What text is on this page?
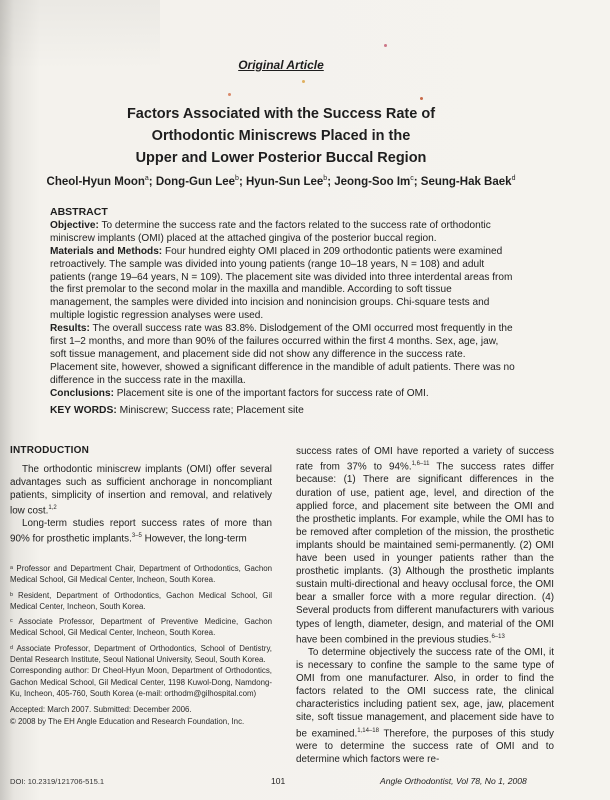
Original Article
Factors Associated with the Success Rate of
Orthodontic Miniscrews Placed in the
Upper and Lower Posterior Buccal Region
Cheol-Hyun Moon$^a$; Dong-Gun Lee$^b$; Hyun-Sun Lee$^b$; Jeong-Soo Im$^c$; Seung-Hak Baek$^d$
ABSTRACT

Objective: To determine the success rate and the factors related to the success rate of orthodontic miniscrew implants (OMI) placed at the attached gingiva of the posterior buccal region.

Materials and Methods: Four hundred eighty OMI placed in 209 orthodontic patients were examined retroactively. The sample was divided into young patients (range 10–18 years, N = 108) and adult patients (range 19–64 years, N = 109). The placement site was divided into three interdental areas from the first premolar to the second molar in the maxilla and mandible. According to soft tissue management, the samples were divided into incision and nonincision groups. Chi-square tests and multiple logistic regression analyses were used.

Results: The overall success rate was 83.8%. Dislodgement of the OMI occurred most frequently in the first 1–2 months, and more than 90% of the failures occurred within the first 4 months. Sex, age, jaw, soft tissue management, and placement side did not show any difference in the success rate. Placement site, however, showed a significant difference in the mandible of adult patients. There was no difference in the success rate in the maxilla.

Conclusions: Placement site is one of the important factors for success rate of OMI.

KEY WORDS: Miniscrew; Success rate; Placement site
INTRODUCTION

The orthodontic miniscrew implants (OMI) offer several advantages such as sufficient anchorage in noncompliant patients, simplicity of insertion and removal, and relatively low cost.$^{1,2}$

Long-term studies report success rates of more than 90% for prosthetic implants.$^{3-5}$ However, the long-term

ᵃ Professor and Department Chair, Department of Orthodontics, Gachon Medical School, Gil Medical Center, Incheon, South Korea.

ᵇ Resident, Department of Orthodontics, Gachon Medical School, Gil Medical Center, Incheon, South Korea.

ᶜ Associate Professor, Department of Preventive Medicine, Gachon Medical School, Gil Medical Center, Incheon, South Korea.

ᵈ Associate Professor, Department of Orthodontics, School of Dentistry, Dental Research Institute, Seoul National University, Seoul, South Korea.

Corresponding author: Dr Cheol-Hyun Moon, Department of Orthodontics, Gachon Medical School, Gil Medical Center, 1198 Kuwol-Dong, Namdong-Ku, Incheon, 405-760, South Korea (e-mail: orthodm@gilhospital.com)

Accepted: March 2007. Submitted: December 2006.

© 2008 by The EH Angle Education and Research Foundation, Inc.

success rates of OMI have reported a variety of success rate from 37% to 94%.$^{1,6-11}$ The success rates differ because: (1) There are significant differences in the duration of use, patient age, level, and direction of the applied force, and placement site between the OMI and the prosthetic implants. For example, while the OMI has to be removed after completion of the mission, the prosthetic implants should be maintained semi-permanently. (2) OMI have been used in younger patients rather than the prosthetic implants. (3) Although the prosthetic implants sustain multi-directional and heavy occlusal force, the OMI bear a smaller force with a more regular direction. (4) Several products from different manufacturers with various types of length, diameter, design, and material of the OMI have been combined in the previous studies.$^{6-13}$

To determine objectively the success rate of the OMI, it is necessary to confine the sample to the same type of OMI from one manufacturer. Also, in order to find the factors related to the OMI success rate, the clinical characteristics including patient sex, age, jaw, placement site, soft tissue management, and placement side have to be examined.$^{1,14-18}$ Therefore, the purposes of this study were to determine the success rate of OMI and to determine which factors were re-

DOI: 10.2319/121706-515.1	101	Angle Orthodontist, Vol 78, No 1, 2008
